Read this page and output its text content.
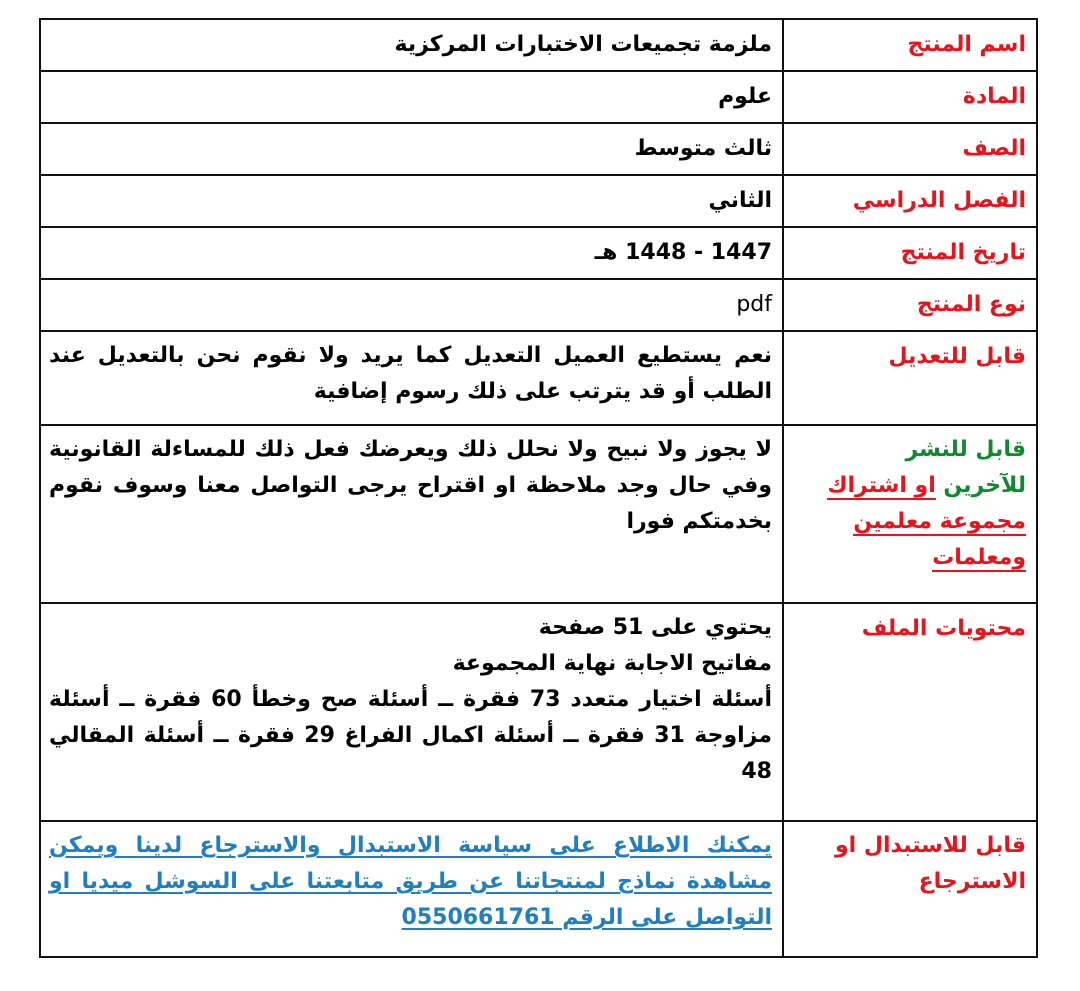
اسم المنتج	ملزمة تجميعات الاختبارات المركزية
المادة	علوم
الصف	ثالث متوسط
الفصل الدراسي	الثاني
تاريخ المنتج	1447 - 1448 هـ
نوع المنتج	pdf
قابل للتعديل	نعم يستطيع العميل التعديل كما يريد ولا نقوم نحن بالتعديل عند الطلب أو قد يترتب على ذلك رسوم إضافية

قابل للنشر
للآخرين او اشتراك
مجموعة معلمين ومعلمات	لا يجوز ولا نبيح ولا نحلل ذلك ويعرضك فعل ذلك للمساءلة القانونية وفي حال وجد ملاحظة او اقتراح يرجى التواصل معنا وسوف نقوم بخدمتكم فورا
محتويات الملف	يحتوي على 51 صفحة
مفاتيح الاجابة نهاية المجموعة
أسئلة اختيار متعدد 73 فقرة ــ أسئلة صح وخطأ 60 فقرة ــ أسئلة مزاوجة 31 فقرة ــ أسئلة اكمال الفراغ 29 فقرة ــ أسئلة المقالي 48

قابل للاستبدال او الاسترجاع	يمكنك الاطلاع على سياسة الاستبدال والاسترجاع لدينا ويمكن مشاهدة نماذج لمنتجاتنا عن طريق متابعتنا على السوشل ميديا او التواصل على الرقم 0550661761
